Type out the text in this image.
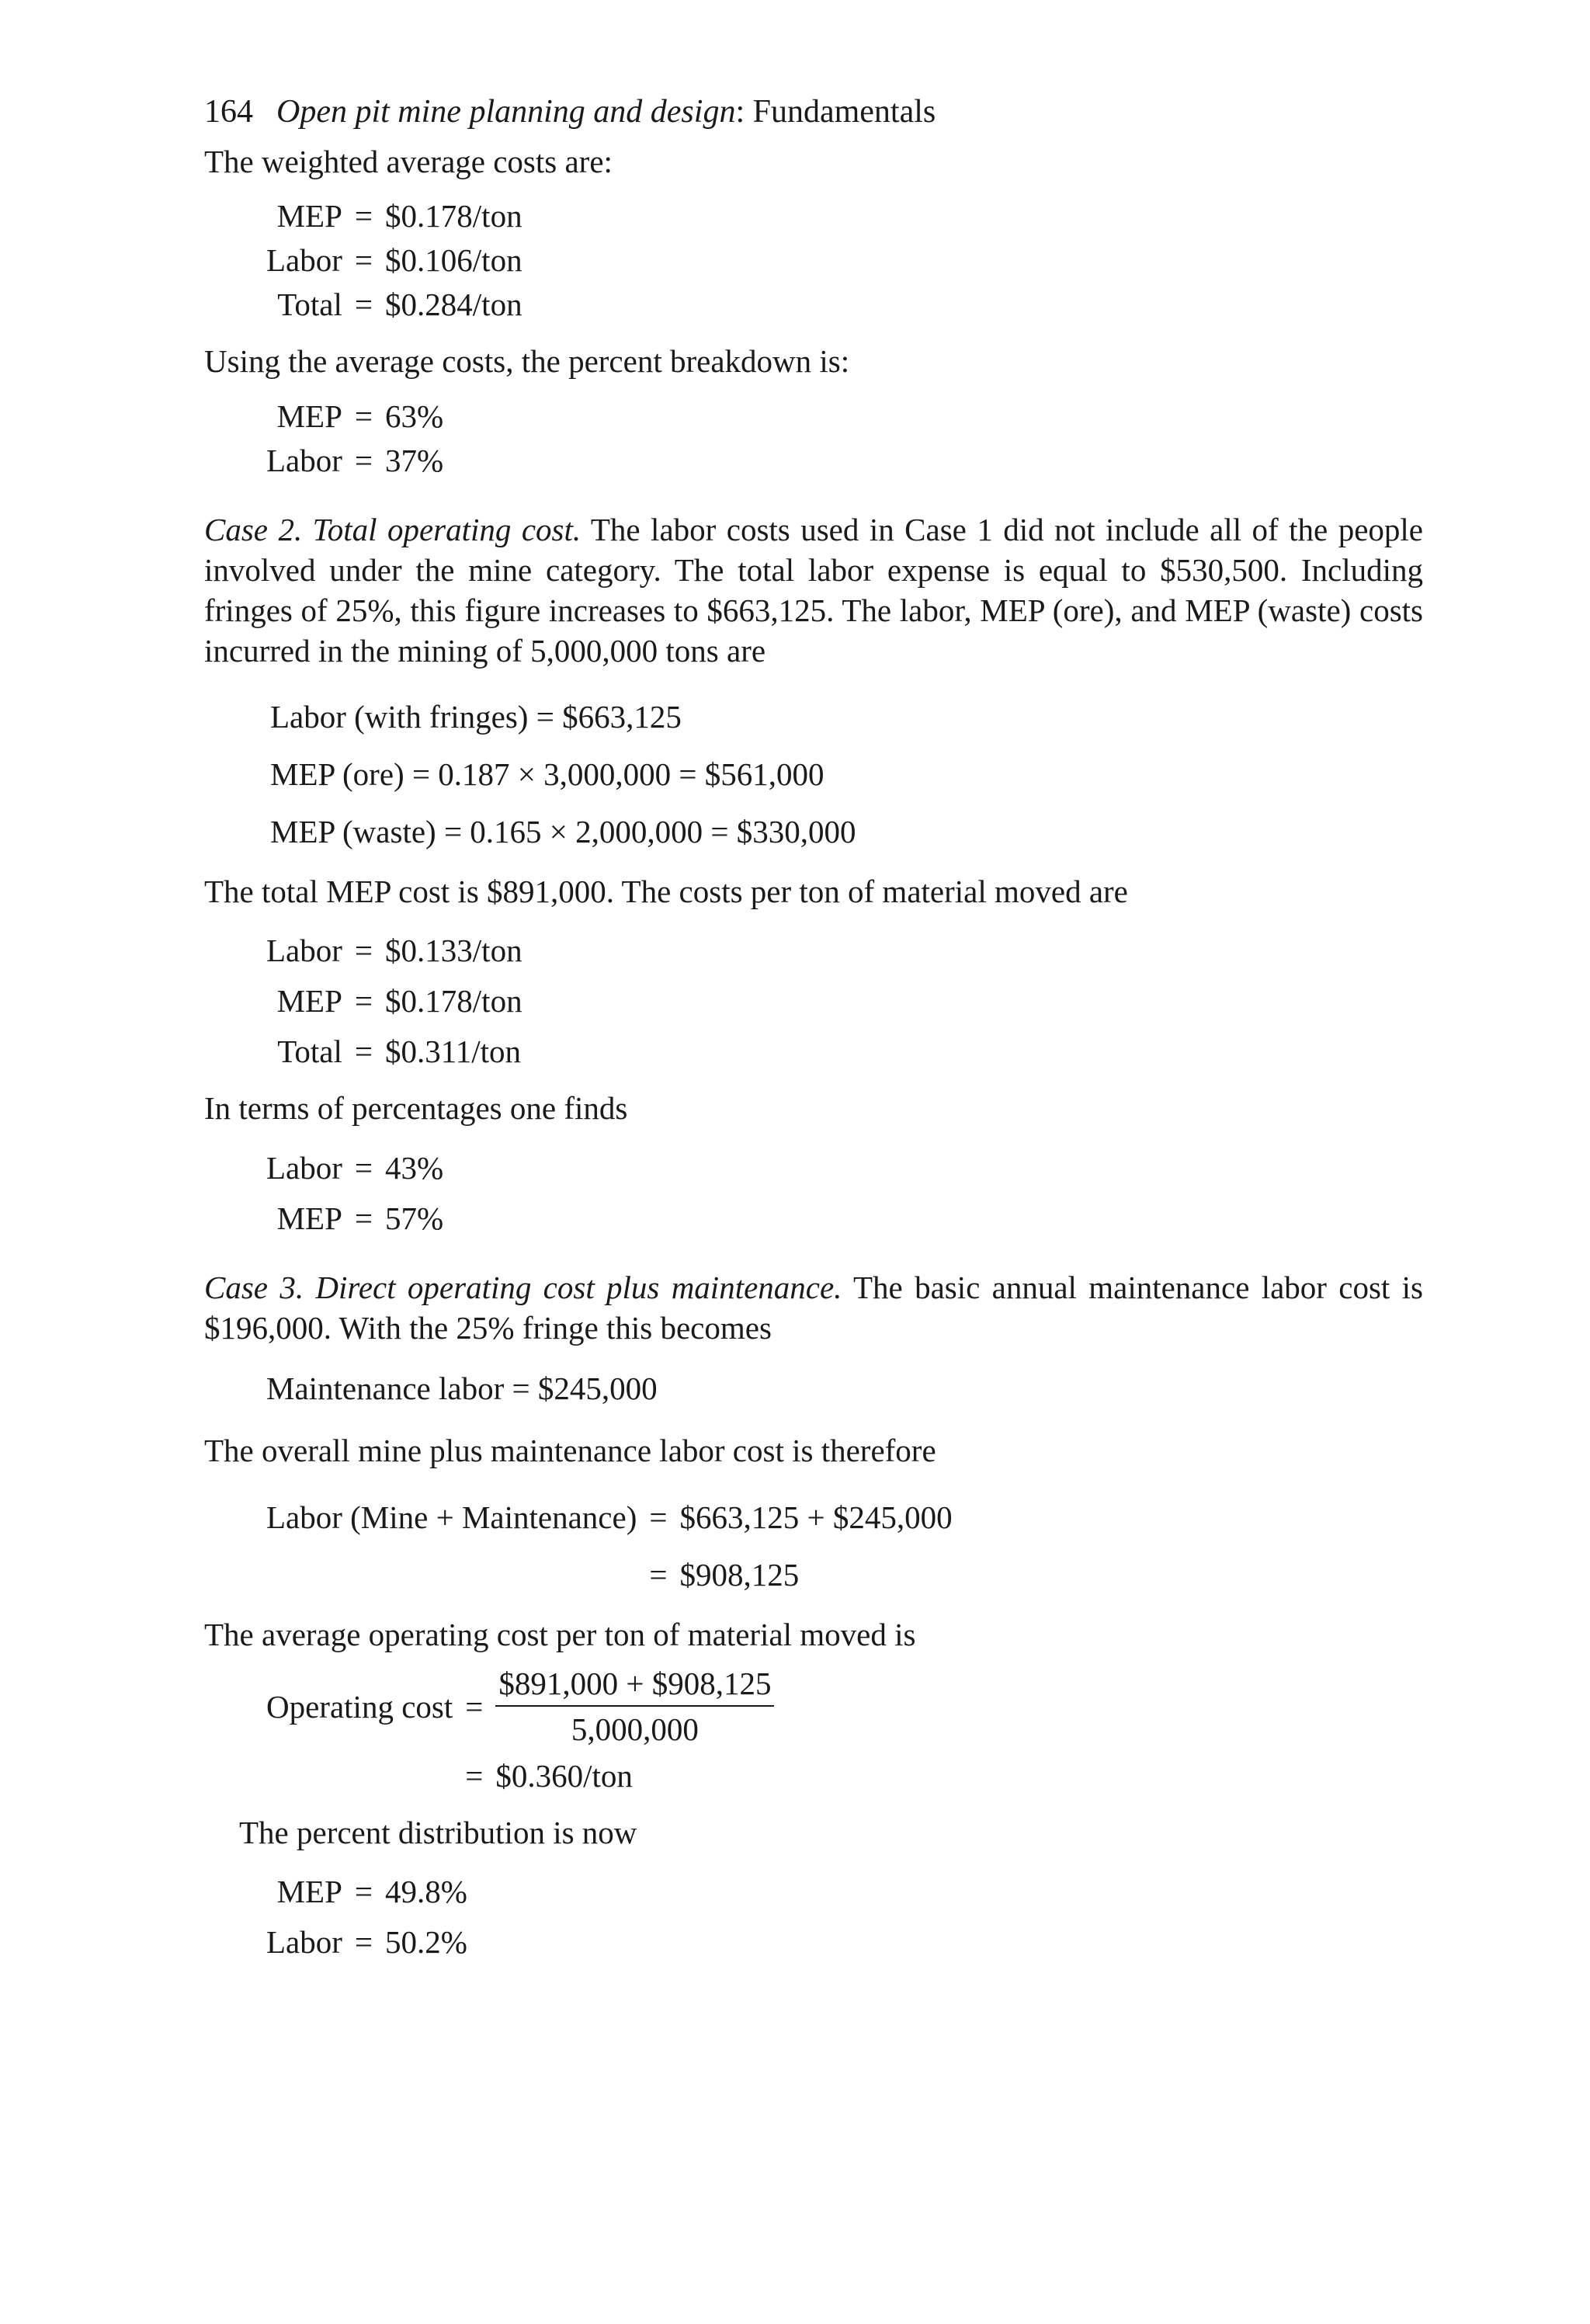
164 Open pit mine planning and design : Fundamentals

The weighted average costs are:

MEP	=	$0.178/ton
Labor	=	$0.106/ton
Total	=	$0.284/ton

Using the average costs, the percent breakdown is:

MEP	=	63%
Labor	=	37%

Case 2. Total operating cost. The labor costs used in Case 1 did not include all of the people involved under the mine category. The total labor expense is equal to $530,500. Including fringes of 25%, this figure increases to $663,125. The labor, MEP (ore), and MEP (waste) costs incurred in the mining of 5,000,000 tons are

Labor (with fringes) = $663,125
MEP (ore) = 0.187 × 3,000,000 = $561,000
MEP (waste) = 0.165 × 2,000,000 = $330,000

The total MEP cost is $891,000. The costs per ton of material moved are

Labor	=	$0.133/ton
MEP	=	$0.178/ton
Total	=	$0.311/ton

In terms of percentages one finds

Labor	=	43%
MEP	=	57%

Case 3. Direct operating cost plus maintenance. The basic annual maintenance labor cost is $196,000. With the 25% fringe this becomes

Maintenance labor = $245,000

The overall mine plus maintenance labor cost is therefore

Labor (Mine + Maintenance)	=	$663,125 + $245,000
	=	$908,125

The average operating cost per ton of material moved is

Operating cost	=	$\frac{\$891,000 + \$908,125}{5,000,000}$

	=	$0.360/ton

The percent distribution is now

MEP	=	49.8%
Labor	=	50.2%
